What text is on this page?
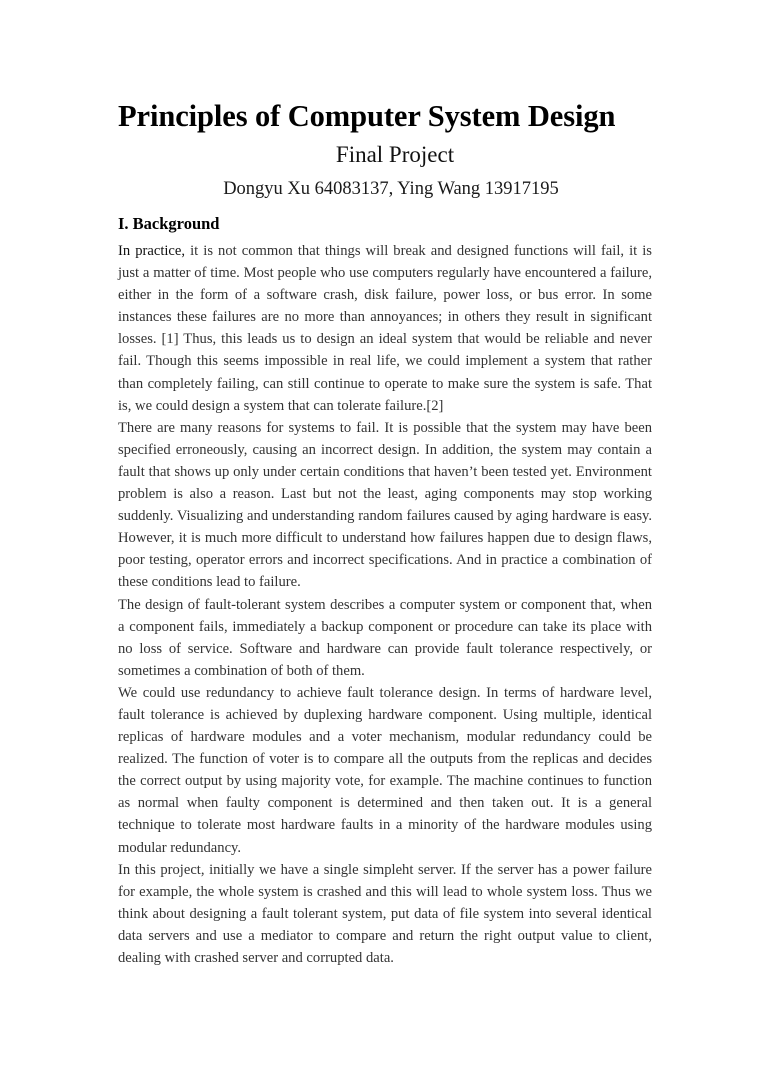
Principles of Computer System Design
Final Project
Dongyu Xu 64083137, Ying Wang 13917195
I. Background

In practice, it is not common that things will break and designed functions will fail, it is just a matter of time. Most people who use computers regularly have encountered a failure, either in the form of a software crash, disk failure, power loss, or bus error. In some instances these failures are no more than annoyances; in others they result in significant losses. [1] Thus, this leads us to design an ideal system that would be reliable and never fail. Though this seems impossible in real life, we could implement a system that rather than completely failing, can still continue to operate to make sure the system is safe. That is, we could design a system that can tolerate failure.[2]

There are many reasons for systems to fail. It is possible that the system may have been specified erroneously, causing an incorrect design. In addition, the system may contain a fault that shows up only under certain conditions that haven’t been tested yet. Environment problem is also a reason. Last but not the least, aging components may stop working suddenly. Visualizing and understanding random failures caused by aging hardware is easy. However, it is much more difficult to understand how failures happen due to design flaws, poor testing, operator errors and incorrect specifications. And in practice a combination of these conditions lead to failure.

The design of fault-tolerant system describes a computer system or component that, when a component fails, immediately a backup component or procedure can take its place with no loss of service. Software and hardware can provide fault tolerance respectively, or sometimes a combination of both of them.

We could use redundancy to achieve fault tolerance design. In terms of hardware level, fault tolerance is achieved by duplexing hardware component. Using multiple, identical replicas of hardware modules and a voter mechanism, modular redundancy could be realized. The function of voter is to compare all the outputs from the replicas and decides the correct output by using majority vote, for example. The machine continues to function as normal when faulty component is determined and then taken out. It is a general technique to tolerate most hardware faults in a minority of the hardware modules using modular redundancy.

In this project, initially we have a single simpleht server. If the server has a power failure for example, the whole system is crashed and this will lead to whole system loss. Thus we think about designing a fault tolerant system, put data of file system into several identical data servers and use a mediator to compare and return the right output value to client, dealing with crashed server and corrupted data.
